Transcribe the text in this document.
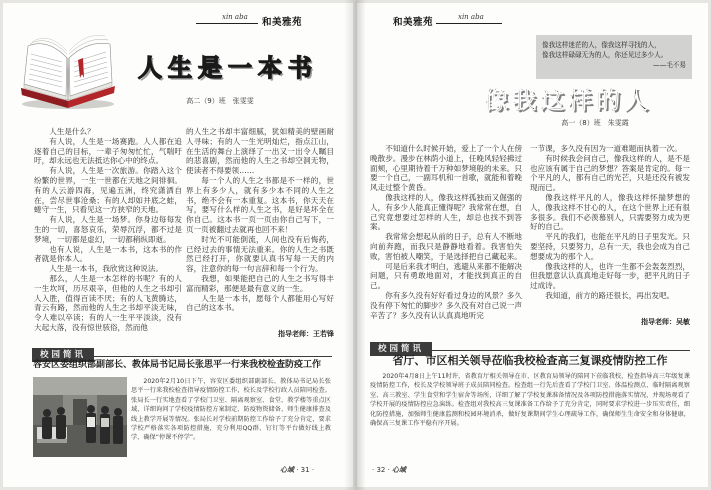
xin aba 和美雅苑
人生是一本书
高二（9）班　张雯雯

人生是什么？

有人说，人生是一场赛跑。人人都在追逐着自己的目标，一辈子匆匆忙忙，气喘吁吁，却永远也无法抵达你心中的终点。

有人说，人生是一次旅游。你踏入这个纷繁的世界，一生一世都在天地之间徘徊。有的人云游四海，见遍五洲，终究潇洒自在，尝尽世事沧桑；有的人却如井底之蛙，蜷守一生，只看见这一方狭窄的天地。

有人说，人生是一场梦。你身边每每发生的一切，喜怒哀乐，荣辱沉浮，都不过是梦境，一切都是虚幻，一切都稍纵即逝。

也有人说，人生是一本书，这本书的作者就是你本人。

人生是一本书，我欣赏这种说法。

那么，人生是一本怎样的书呢？有的人一生坎坷，历尽艰辛，但他的人生之书却引人入胜，值得百读不厌；有的人飞黄腾达，青云有路，然而他的人生之书却平淡无味，令人难以卒读；有的人一生平平淡淡，没有大起大落，没有惊世骇俗，然而他

的人生之书却丰富细腻，犹如精美的壁画耐人寻味；有的人一生光明灿烂，指点江山，在生活的舞台上演绎了一出又一出令人瞩目的悲喜剧，然而他的人生之书却空洞无物，使读者不得要领……

每一个人的人生之书都是不一样的，世界上有多少人，就有多少本不同的人生之书，绝不会有一本重复。这本书，你天天在写，要写什么样的人生之书，是好是坏全在你自己。这本书一页一页由你自己写下，一页一页被翻过去就再也回不来！

时光不可能倒流，人间也没有后悔药，已经过去的事情无法重来。你的人生之书既然已经打开，你就要认真书写每一天的内容，注意你的每一句言辞和每一个行为。

我想，如果能把自己的人生之书写得丰富而精彩，那便是最有意义的一生。

人生是一本书，愿每个人都能用心写好自己的这本书。

指导老师：王若锋
校园简讯
容安区委组织部副部长、教体局书记局长张思平一行来我校检查防疫工作

2020年2月10日下午，容安区委组织部副部长、教体局书记局长张思平一行来我校检查指导疫情防控工作，校长及学校行政人员陪同检查。张局长一行实地查看了学校门卫室、隔离观察室、食堂、教学楼等重点区域，详细询问了学校疫情防控方案制定、防疫物资储备、师生健康排查及线上教学开展等情况。张局长对学校前期防控工作给予了充分肯定，要求学校严格落实各项防控措施，充分利用QQ群、钉钉等平台做好线上教学，确保“停课不停学”。

心域 · 31 ·
和美雅苑	xin aba
像我这样迷茫的人，像我这样寻找的人，
像我这样碌碌无为的人，你还见过多少人。
——毛不易
像我这样的人
高一（8）班　朱雯霞

不知道什么时候开始，爱上了一个人在傍晚散步。漫步在林荫小道上，任晚风轻轻拂过面颊，心里期待着千万种如梦境般的未来。只要一个自己，一副耳机和一首歌，就能和着晚风走过整个黄昏。

像我这样的人，像我这样孤独而又倔强的人，有多少人能真正懂得呢？我常常在想，自己究竟想要过怎样的人生，却总也找不到答案。

我常常会想起从前的日子，总有人不断地向前奔跑，而我只是静静地看着。我害怕失败，害怕被人嘲笑，于是选择把自己藏起来。

可是后来我才明白，逃避从来都不能解决问题，只有勇敢地面对，才能找到真正的自己。

你有多久没有好好看过身边的风景？多久没有停下匆忙的脚步？多久没有对自己说一声辛苦了？多久没有认认真真地听完

一节课，多久没有因为一道难题而执着一次。

有时候我会问自己，像我这样的人，是不是也应该有属于自己的梦想？答案是肯定的。每一个平凡的人，都有自己的光芒，只是还没有被发现而已。

像我这样平凡的人，像我这样怀揣梦想的人，像我这样不甘心的人，在这个世界上还有很多很多。我们不必羡慕别人，只需要努力成为更好的自己。

平凡的我们，也能在平凡的日子里发光。只要坚持，只要努力，总有一天，我也会成为自己想要成为的那个人。

像我这样的人，也许一生都不会轰轰烈烈，但我愿意认认真真地走好每一步，把平凡的日子过成诗。

我知道，前方的路还很长，再出发吧。

指导老师：吴敏
校园简讯
省厅、市区相关领导莅临我校检查高三复课疫情防控工作

2020年4月8日上午11时许，省教育厅相关领导在市、区教育局领导的陪同下莅临我校，检查指导高三年级复课疫情防控工作，校长及学校领导班子成员陪同检查。检查组一行先后查看了学校门卫室、体温检测点、临时隔离观察室、高三教室、学生食堂和学生宿舍等场所，详细了解了学校复课准备情况及各项防控措施落实情况，并现场观看了学校开展的疫情防控应急演练。检查组对我校高三复课准备工作给予了充分肯定，同时要求学校进一步压实责任，细化防控措施，加强师生健康监测和校园环境消杀，做好复课期间学生心理疏导工作，确保师生生命安全和身体健康，确保高三复课工作平稳有序开展。

· 32 · 心域
